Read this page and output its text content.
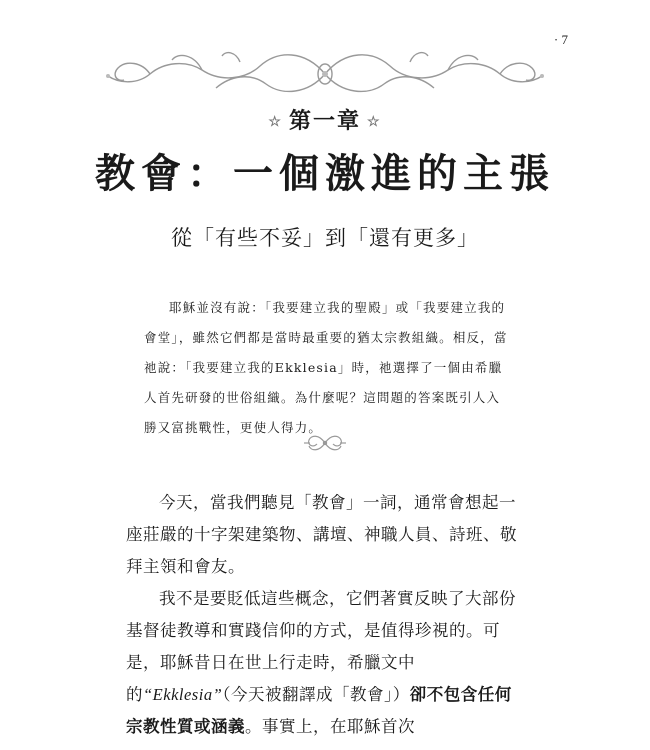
· 7
☆ 第一章 ☆
教會：一個激進的主張
從「有些不妥」到「還有更多」

耶穌並沒有說：「我要建立我的聖殿」或「我要建立我的會堂」，雖然它們都是當時最重要的猶太宗教組織。相反，當祂說：「我要建立我的Ekklesia」時，祂選擇了一個由希臘人首先研發的世俗組織。為什麼呢？這問題的答案既引人入勝又富挑戰性，更使人得力。

今天，當我們聽見「教會」一詞，通常會想起一座莊嚴的十字架建築物、講壇、神職人員、詩班、敬拜主領和會友。

我不是要貶低這些概念，它們著實反映了大部份基督徒教導和實踐信仰的方式，是值得珍視的。可是，耶穌昔日在世上行走時，希臘文中的“Ekklesia”（今天被翻譯成「教會」）卻不包含任何宗教性質或涵義。事實上，在耶穌首次
